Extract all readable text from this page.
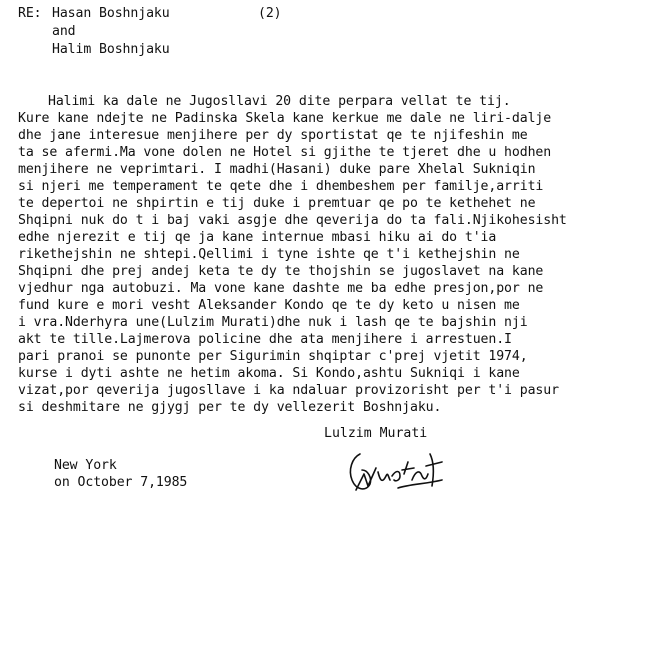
RE: Hasan Boshnjaku	(2)
and
Halim Boshnjaku
Halimi ka dale ne Jugosllavi 20 dite perpara vellat te tij.
Kure kane ndejte ne Padinska Skela kane kerkue me dale ne liri-dalje
dhe jane interesue menjihere per dy sportistat qe te njifeshin me
ta se afermi.Ma vone dolen ne Hotel si gjithe te tjeret dhe u hodhen
menjihere ne veprimtari. I madhi(Hasani) duke pare Xhelal Sukniqin
si njeri me temperament te qete dhe i dhembeshem per familje,arriti
te depertoi ne shpirtin e tij duke i premtuar qe po te kethehet ne
Shqipni nuk do t i baj vaki asgje dhe qeverija do ta fali.Njikohesisht
edhe njerezit e tij qe ja kane internue mbasi hiku ai do t'ia
rikethejshin ne shtepi.Qellimi i tyne ishte qe t'i kethejshin ne
Shqipni dhe prej andej keta te dy te thojshin se jugoslavet na kane
vjedhur nga autobuzi. Ma vone kane dashte me ba edhe presjon,por ne
fund kure e mori vesht Aleksander Kondo qe te dy keto u nisen me
i vra.Nderhyra une(Lulzim Murati)dhe nuk i lash qe te bajshin nji
akt te tille.Lajmerova policine dhe ata menjihere i arrestuen.I
pari pranoi se punonte per Sigurimin shqiptar c'prej vjetit 1974,
kurse i dyti ashte ne hetim akoma. Si Kondo,ashtu Sukniqi i kane
vizat,por qeverija jugosllave i ka ndaluar provizorisht per t'i pasur
si deshmitare ne gjygj per te dy vellezerit Boshnjaku.
Lulzim Murati
New York
on October 7,1985
